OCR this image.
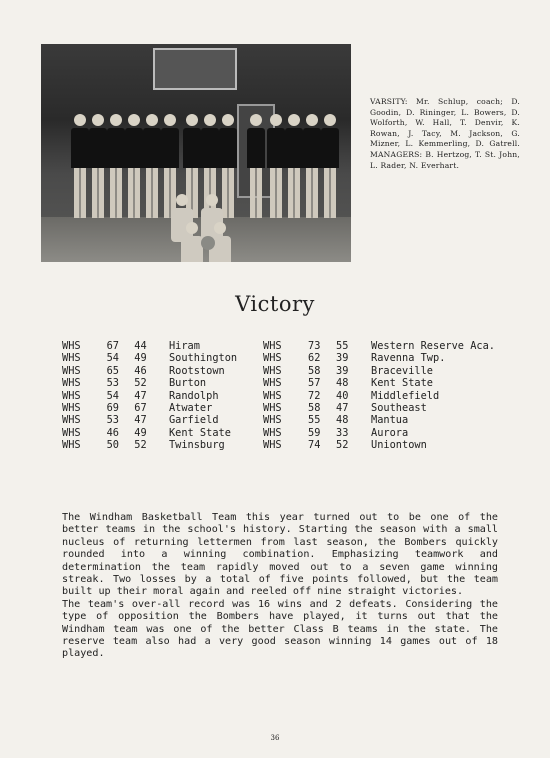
VARSITY: Mr. Schlup, coach; D. Goodin, D. Rininger, L. Bowers, D. Wolforth, W. Hall, T. Denvir, K. Rowan, J. Tacy, M. Jackson, G. Mizner, L. Kemmerling, D. Gatrell. MANAGERS: B. Hertzog, T. St. John, L. Rader, N. Everhart.
Victory
WHS	67	44	Hiram
WHS	54	49	Southington
WHS	65	46	Rootstown
WHS	53	52	Burton
WHS	54	47	Randolph
WHS	69	67	Atwater
WHS	53	47	Garfield
WHS	46	49	Kent State
WHS	50	52	Twinsburg
WHS	73	55	Western Reserve Aca.
WHS	62	39	Ravenna Twp.
WHS	58	39	Braceville
WHS	57	48	Kent State
WHS	72	40	Middlefield
WHS	58	47	Southeast
WHS	55	48	Mantua
WHS	59	33	Aurora
WHS	74	52	Uniontown

The Windham Basketball Team this year turned out to be one of the better teams in the school's history. Starting the season with a small nucleus of returning lettermen from last season, the Bombers quickly rounded into a winning combination. Emphasizing teamwork and determination the team rapidly moved out to a seven game winning streak. Two losses by a total of five points followed, but the team built up their moral again and reeled off nine straight victories.

The team's over-all record was 16 wins and 2 defeats. Considering the type of opposition the Bombers have played, it turns out that the Windham team was one of the better Class B teams in the state. The reserve team also had a very good season winning 14 games out of 18 played.

36
